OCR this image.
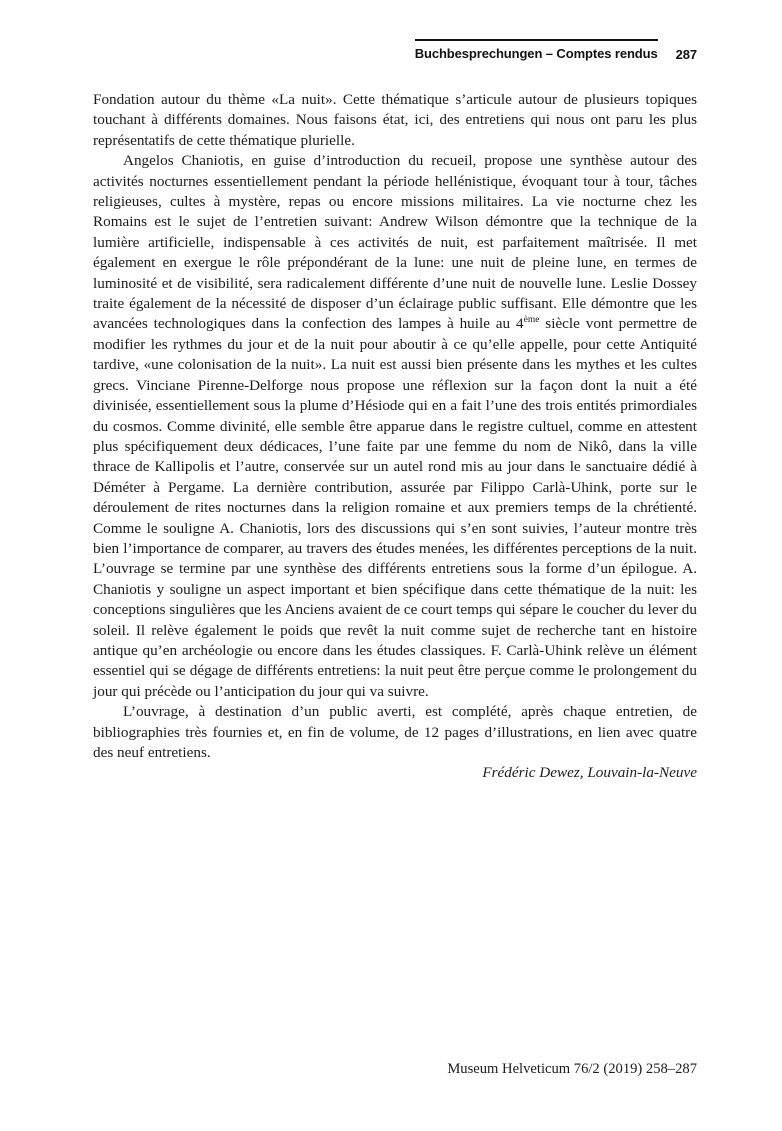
Buchbesprechungen – Comptes rendus 287

Fondation autour du thème «La nuit». Cette thématique s’articule autour de plusieurs topiques touchant à différents domaines. Nous faisons état, ici, des entretiens qui nous ont paru les plus représentatifs de cette thématique plurielle.

Angelos Chaniotis, en guise d’introduction du recueil, propose une synthèse autour des activités nocturnes essentiellement pendant la période hellénistique, évoquant tour à tour, tâches religieuses, cultes à mystère, repas ou encore missions militaires. La vie nocturne chez les Romains est le sujet de l’entretien suivant: Andrew Wilson démontre que la technique de la lumière artificielle, indispensable à ces activités de nuit, est parfaitement maîtrisée. Il met également en exergue le rôle prépondérant de la lune: une nuit de pleine lune, en termes de luminosité et de visibilité, sera radicalement différente d’une nuit de nouvelle lune. Leslie Dossey traite également de la nécessité de disposer d’un éclairage public suffisant. Elle démontre que les avancées technologiques dans la confection des lampes à huile au 4ème siècle vont permettre de modifier les rythmes du jour et de la nuit pour aboutir à ce qu’elle appelle, pour cette Antiquité tardive, «une colonisation de la nuit». La nuit est aussi bien présente dans les mythes et les cultes grecs. Vinciane Pirenne-Delforge nous propose une réflexion sur la façon dont la nuit a été divinisée, essentiellement sous la plume d’Hésiode qui en a fait l’une des trois entités primordiales du cosmos. Comme divinité, elle semble être apparue dans le registre cultuel, comme en attestent plus spécifiquement deux dédicaces, l’une faite par une femme du nom de Nikô, dans la ville thrace de Kallipolis et l’autre, conservée sur un autel rond mis au jour dans le sanctuaire dédié à Déméter à Pergame. La dernière contribution, assurée par Filippo Carlà-Uhink, porte sur le déroulement de rites nocturnes dans la religion romaine et aux premiers temps de la chrétienté. Comme le souligne A. Chaniotis, lors des discussions qui s’en sont suivies, l’auteur montre très bien l’importance de comparer, au travers des études menées, les différentes perceptions de la nuit. L’ouvrage se termine par une synthèse des différents entretiens sous la forme d’un épilogue. A. Chaniotis y souligne un aspect important et bien spécifique dans cette thématique de la nuit: les conceptions singulières que les Anciens avaient de ce court temps qui sépare le coucher du lever du soleil. Il relève également le poids que revêt la nuit comme sujet de recherche tant en histoire antique qu’en archéologie ou encore dans les études classiques. F. Carlà-Uhink relève un élément essentiel qui se dégage de différents entretiens: la nuit peut être perçue comme le prolongement du jour qui précède ou l’anticipation du jour qui va suivre.

L’ouvrage, à destination d’un public averti, est complété, après chaque entretien, de bibliographies très fournies et, en fin de volume, de 12 pages d’illustrations, en lien avec quatre des neuf entretiens.

Frédéric Dewez, Louvain-la-Neuve

Museum Helveticum 76/2 (2019) 258–287
